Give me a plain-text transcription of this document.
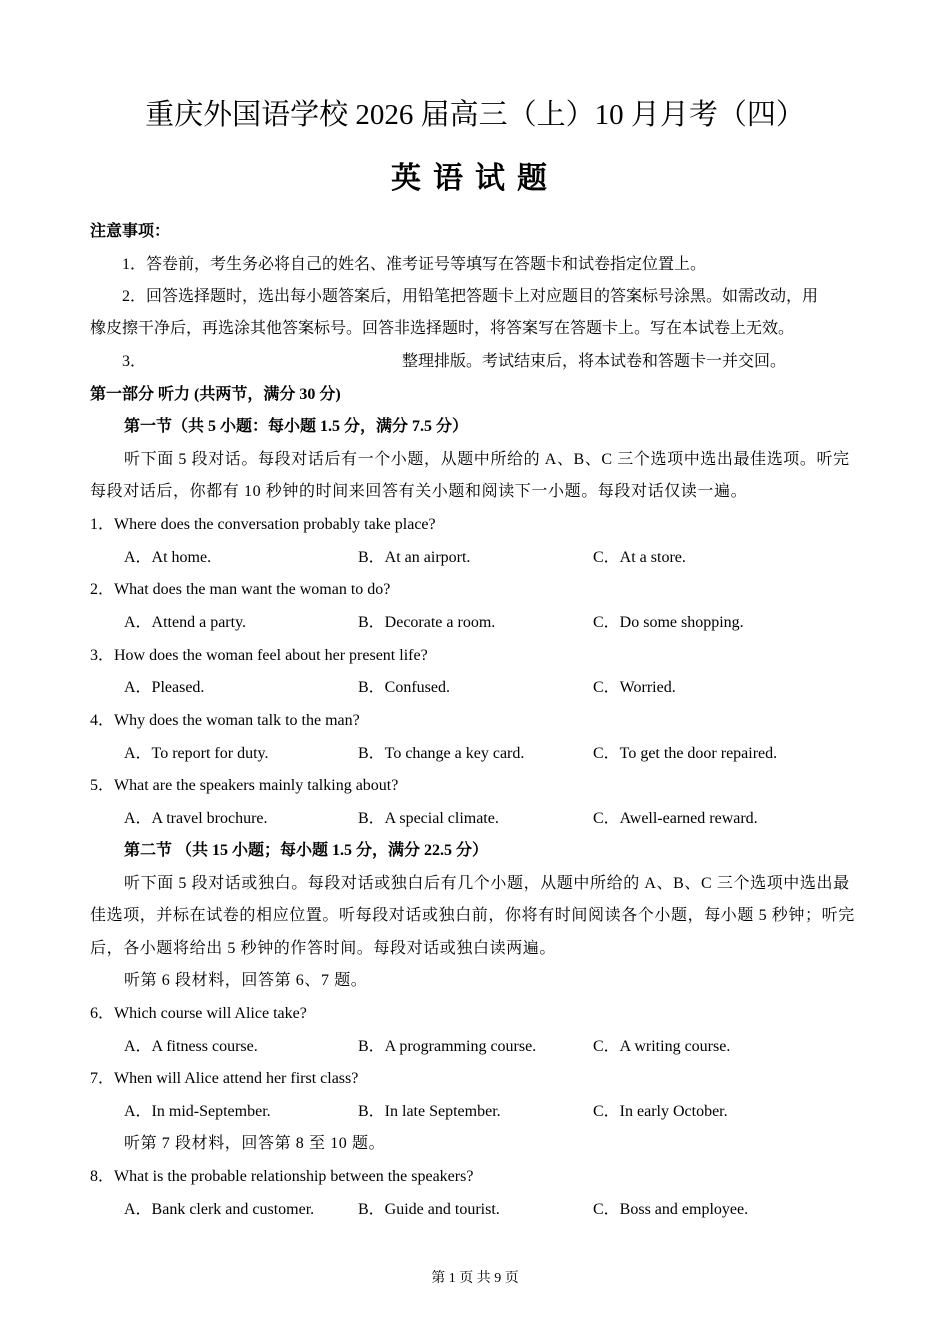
重庆外国语学校 2026 届高三（上）10 月月考（四）
英语试题
注意事项：
1．答卷前，考生务必将自己的姓名、准考证号等填写在答题卡和试卷指定位置上。
2．回答选择题时，选出每小题答案后，用铅笔把答题卡上对应题目的答案标号涂黑。如需改动，用
橡皮擦干净后，再选涂其他答案标号。回答非选择题时，将答案写在答题卡上。写在本试卷上无效。
3．	整理排版。考试结束后，将本试卷和答题卡一并交回。
第一部分 听力 (共两节，满分 30 分)
第一节（共 5 小题：每小题 1.5 分，满分 7.5 分）
听下面 5 段对话。每段对话后有一个小题，从题中所给的 A、B、C 三个选项中选出最佳选项。听完
每段对话后，你都有 10 秒钟的时间来回答有关小题和阅读下一小题。每段对话仅读一遍。
1．Where does the conversation probably take place?
A．At home.	B．At an airport.	C．At a store.
2．What does the man want the woman to do?
A．Attend a party.	B．Decorate a room.	C．Do some shopping.
3．How does the woman feel about her present life?
A．Pleased.	B．Confused.	C．Worried.
4．Why does the woman talk to the man?
A．To report for duty.	B．To change a key card.	C．To get the door repaired.
5．What are the speakers mainly talking about?
A．A travel brochure.	B．A special climate.	C．Awell-earned reward.
第二节 （共 15 小题；每小题 1.5 分，满分 22.5 分）
听下面 5 段对话或独白。每段对话或独白后有几个小题，从题中所给的 A、B、C 三个选项中选出最
佳选项，并标在试卷的相应位置。听每段对话或独白前，你将有时间阅读各个小题，每小题 5 秒钟；听完
后，各小题将给出 5 秒钟的作答时间。每段对话或独白读两遍。
听第 6 段材料，回答第 6、7 题。
6．Which course will Alice take?
A．A fitness course.	B．A programming course.	C．A writing course.
7．When will Alice attend her first class?
A．In mid-September.	B．In late September.	C．In early October.
听第 7 段材料，回答第 8 至 10 题。
8．What is the probable relationship between the speakers?
A．Bank clerk and customer.	B．Guide and tourist.	C．Boss and employee.
第 1 页 共 9 页
